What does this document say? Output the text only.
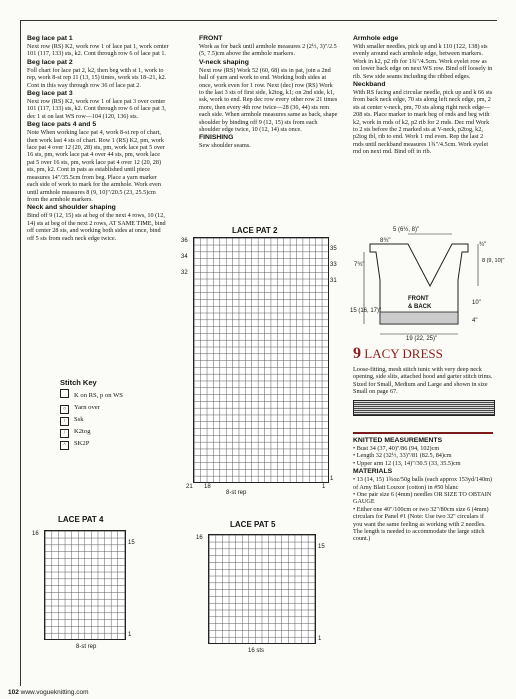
Beg lace pat 1

Next row (RS) K2, work row 1 of lace pat 1, work center 101 (117, 133) sts, k2. Cont through row 6 of lace pat 1.

Beg lace pat 2

Foll chart for lace pat 2, k2, then beg with st 1, work to rep, work 8-st rep 11 (13, 15) times, work sts 18–21, k2. Cont in this way through row 36 of lace pat 2.

Beg lace pat 3

Next row (RS) K2, work row 1 of lace pat 3 over center 101 (117, 133) sts, k2. Cont through row 6 of lace pat 3, dec 1 st on last WS row—104 (120, 136) sts.

Beg lace pats 4 and 5

Note When working lace pat 4, work 8-st rep of chart, then work last 4 sts of chart. Row 1 (RS) K2, pm, work lace pat 4 over 12 (20, 28) sts, pm, work lace pat 5 over 16 sts, pm, work lace pat 4 over 44 sts, pm, work lace pat 5 over 16 sts, pm, work lace pat 4 over 12 (20, 28) sts, pm, k2. Cont in pats as established until piece measures 14"/35.5cm from beg. Place a yarn marker each side of work to mark for the armhole. Work even until armhole measures 8 (9, 10)"/20.5 (23, 25.5)cm from the armhole markers.

Neck and shoulder shaping

Bind off 9 (12, 15) sts at beg of the next 4 rows, 10 (12, 14) sts at beg of the next 2 rows, AT SAME TIME, bind off center 28 sts, and working both sides at once, bind off 5 sts from each neck edge twice.

FRONT

Work as for back until armhole measures 2 (2½, 3)"/2.5 (5, 7.5)cm above the armhole markers.

V-neck shaping

Next row (RS) Work 52 (60, 68) sts in pat, join a 2nd ball of yarn and work to end. Working both sides at once, work even for 1 row. Next (dec) row (RS) Work to the last 3 sts of first side, k2tog, k1; on 2nd side, k1, ssk, work to end. Rep dec row every other row 21 times more, then every 4th row twice—28 (36, 44) sts rem each side. When armhole measures same as back, shape shoulder by binding off 9 (12, 15) sts from each shoulder edge twice, 10 (12, 14) sts once.

FINISHING

Sew shoulder seams.

Armhole edge

With smaller needles, pick up and k 110 (122, 138) sts evenly around each armhole edge, between markers. Work in k2, p2 rib for 1¾"/4.5cm. Work eyelet row as on lower back edge on next WS row. Bind off loosely in rib. Sew side seams including the ribbed edges.

Neckband

With RS facing and circular needle, pick up and k 66 sts from back neck edge, 70 sts along left neck edge, pm, 2 sts at center v-neck, pm, 70 sts along right neck edge—208 sts. Place marker to mark beg of rnds and beg with k2, work in rnds of k2, p2 rib for 2 rnds. Dec rnd Work to 2 sts before the 2 marked sts at V-neck, p2tog, k2, p2tog tbl, rib to end. Work 1 rnd even. Rep the last 2 rnds until neckband measures 1¾"/4.5cm. Work eyelet rnd on next rnd. Bind off in rib.

5 (6½, 8)"
8¾"
¾"
8 (9, 10)"
7¾"
FRONT
& BACK
15 (16, 17)"
10"
4"
19 (22, 25)"
9 LACY DRESS

Loose-fitting, mesh stitch tunic with very deep neck opening, side slits, attached hood and garter stitch trims. Sized for Small, Medium and Large and shown in size Small on page 67.

KNITTED MEASUREMENTS

• Bust 34 (37, 40)"/86 (94, 102)cm

• Length 32 (32½, 33)"/81 (82.5, 84)cm

• Upper arm 12 (13, 14)"/30.5 (33, 35.5)cm

MATERIALS

• 13 (14, 15) 1¾oz/50g balls (each approx 153yd/140m) of Amy Blatt Louxor (cotton) in #50 blanc

• One pair size 6 (4mm) needles OR SIZE TO OBTAIN GAUGE

• Either one 40"/100cm or two 32"/80cm size 6 (4mm) circulars for Panel #1 (Note: Use two 32" circulars if you want the same feeling as working with 2 needles. The length is needed to accommodate the large stitch count.)

LACE PAT 2
36
34
32
35
33
31
1
21 18
8-st rep
1
Stitch Key
K on RS, p on WS
○ Yarn over
\ Ssk
/ K2tog
^ SK2P
LACE PAT 4
16
15
1
8-st rep
LACE PAT 5
16
15
1
16 sts
102 www.vogueknitting.com
